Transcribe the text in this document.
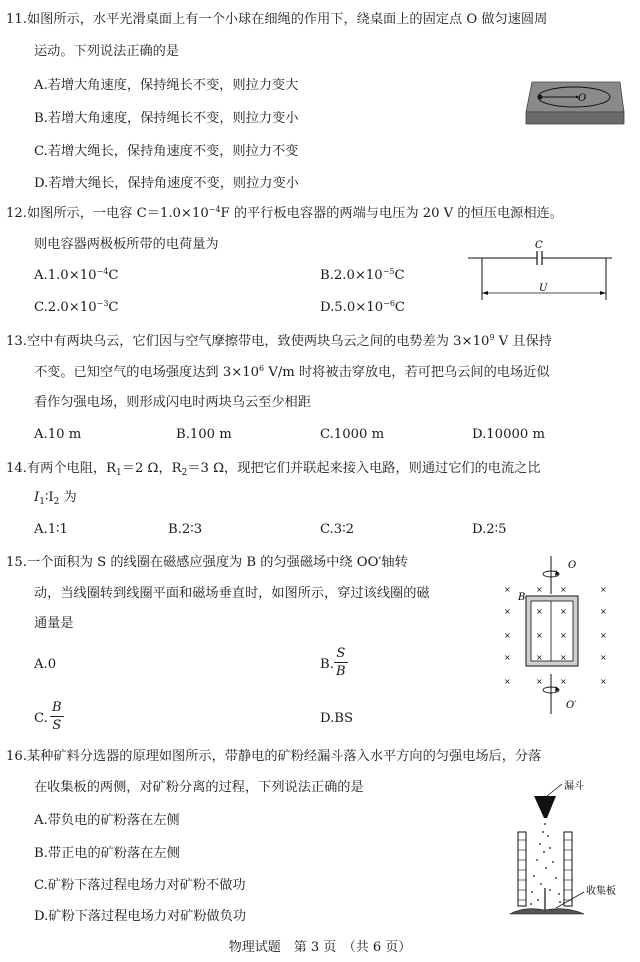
11.如图所示，水平光滑桌面上有一个小球在细绳的作用下，绕桌面上的固定点 O 做匀速圆周
运动。下列说法正确的是
A.若增大角速度，保持绳长不变，则拉力变大
B.若增大角速度，保持绳长不变，则拉力变小
C.若增大绳长，保持角速度不变，则拉力不变
D.若增大绳长，保持角速度不变，则拉力变小
O
12.如图所示，一电容 $C=1.0\times 10^{-4}F$ 的平行板电容器的两端与电压为 20 V 的恒压电源相连。
则电容器两极板所带的电荷量为
$A.1.0\times 10^{-4}C$	$B.2.0\times 10^{-5}C$
$C.2.0\times 10^{-3}C$	$D.5.0\times 10^{-6}C$
C
U
13.空中有两块乌云，它们因与空气摩擦带电，致使两块乌云之间的电势差为 $3\times 10^9$ V 且保持
不变。已知空气的电场强度达到 $3\times 10^6$ V/m 时将被击穿放电，若可把乌云间的电场近似
看作匀强电场，则形成闪电时两块乌云至少相距
A.10 m	B.100 m	C.1000 m	D.10000 m
14.有两个电阻，$R_1=2$ Ω，$R_2=3$ Ω，现把它们并联起来接入电路，则通过它们的电流之比
$I_1∶I_2$ 为
A.1∶1	B.2∶3	C.3∶2	D.2∶5
15.一个面积为 S 的线圈在磁感应强度为 B 的匀强磁场中绕 OO′轴转
动，当线圈转到线圈平面和磁场垂直时，如图所示，穿过该线圈的磁
通量是
A.0	B.
S
B
C.
B
S	D.BS
O
O′
B
×	× ×	×
×	× ×	×
×	× ×	×
×	× ×	×
× ×
×	×
16.某种矿料分选器的原理如图所示，带静电的矿粉经漏斗落入水平方向的匀强电场后，分落
在收集板的两侧，对矿粉分离的过程，下列说法正确的是
A.带负电的矿粉落在左侧
B.带正电的矿粉落在左侧
C.矿粉下落过程电场力对矿粉不做功
D.矿粉下落过程电场力对矿粉做负功
漏斗
收集板
物理试题　第 3 页　（共 6 页）
